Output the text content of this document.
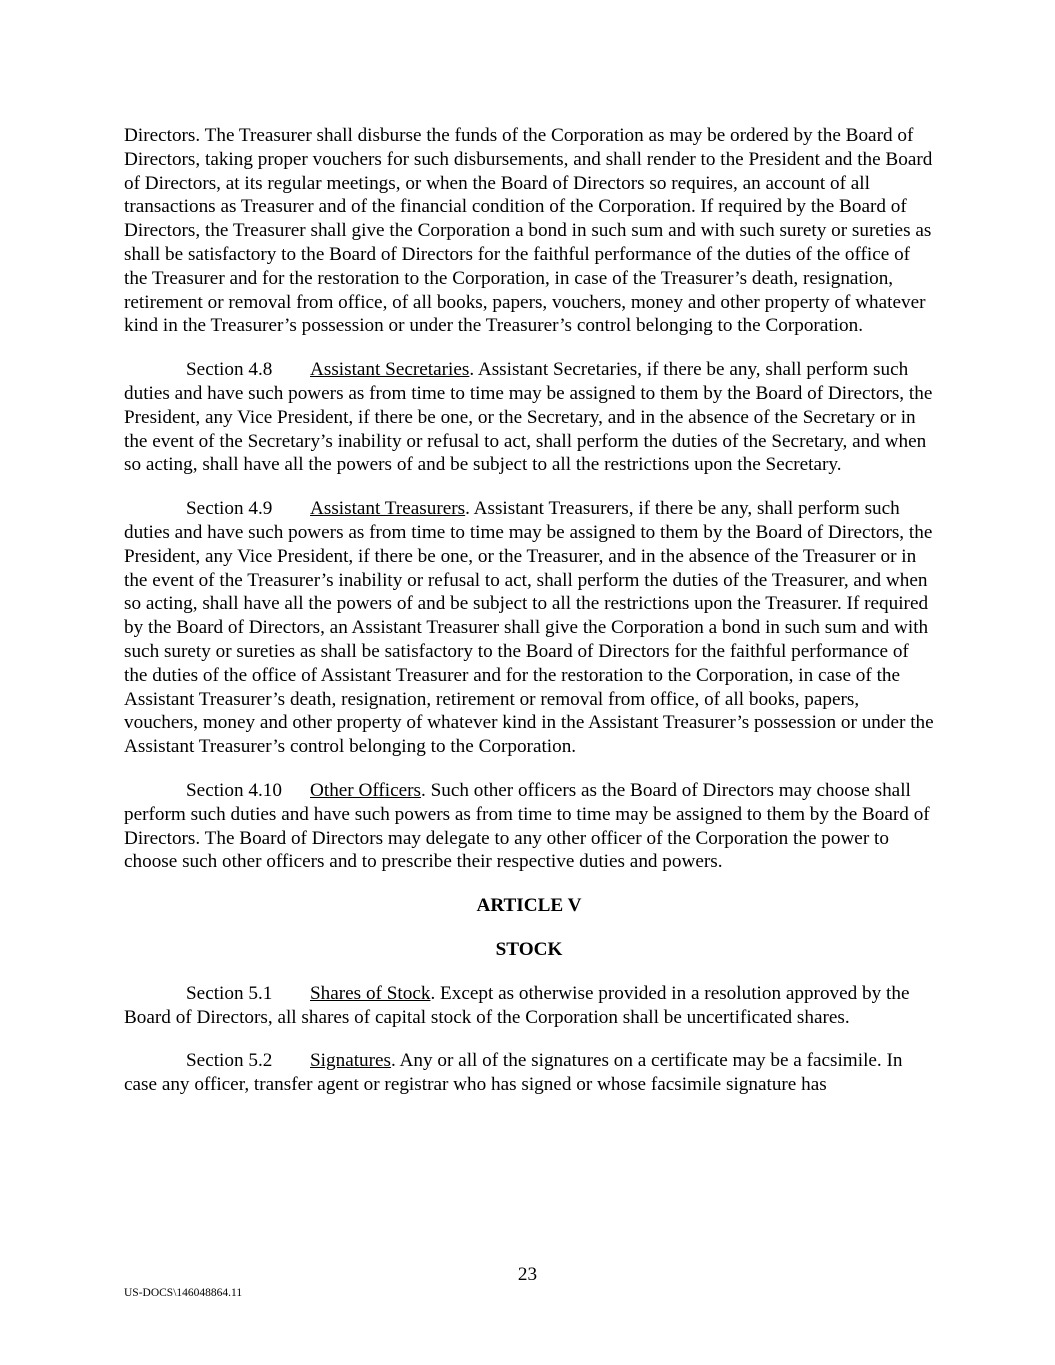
Directors. The Treasurer shall disburse the funds of the Corporation as may be ordered by the Board of Directors, taking proper vouchers for such disbursements, and shall render to the President and the Board of Directors, at its regular meetings, or when the Board of Directors so requires, an account of all transactions as Treasurer and of the financial condition of the Corporation. If required by the Board of Directors, the Treasurer shall give the Corporation a bond in such sum and with such surety or sureties as shall be satisfactory to the Board of Directors for the faithful performance of the duties of the office of the Treasurer and for the restoration to the Corporation, in case of the Treasurer’s death, resignation, retirement or removal from office, of all books, papers, vouchers, money and other property of whatever kind in the Treasurer’s possession or under the Treasurer’s control belonging to the Corporation.

Section 4.8 Assistant Secretaries. Assistant Secretaries, if there be any, shall perform such duties and have such powers as from time to time may be assigned to them by the Board of Directors, the President, any Vice President, if there be one, or the Secretary, and in the absence of the Secretary or in the event of the Secretary’s inability or refusal to act, shall perform the duties of the Secretary, and when so acting, shall have all the powers of and be subject to all the restrictions upon the Secretary.

Section 4.9 Assistant Treasurers. Assistant Treasurers, if there be any, shall perform such duties and have such powers as from time to time may be assigned to them by the Board of Directors, the President, any Vice President, if there be one, or the Treasurer, and in the absence of the Treasurer or in the event of the Treasurer’s inability or refusal to act, shall perform the duties of the Treasurer, and when so acting, shall have all the powers of and be subject to all the restrictions upon the Treasurer. If required by the Board of Directors, an Assistant Treasurer shall give the Corporation a bond in such sum and with such surety or sureties as shall be satisfactory to the Board of Directors for the faithful performance of the duties of the office of Assistant Treasurer and for the restoration to the Corporation, in case of the Assistant Treasurer’s death, resignation, retirement or removal from office, of all books, papers, vouchers, money and other property of whatever kind in the Assistant Treasurer’s possession or under the Assistant Treasurer’s control belonging to the Corporation.

Section 4.10 Other Officers. Such other officers as the Board of Directors may choose shall perform such duties and have such powers as from time to time may be assigned to them by the Board of Directors. The Board of Directors may delegate to any other officer of the Corporation the power to choose such other officers and to prescribe their respective duties and powers.

ARTICLE V

STOCK

Section 5.1 Shares of Stock. Except as otherwise provided in a resolution approved by the Board of Directors, all shares of capital stock of the Corporation shall be uncertificated shares.

Section 5.2 Signatures. Any or all of the signatures on a certificate may be a facsimile. In case any officer, transfer agent or registrar who has signed or whose facsimile signature has

23
US-DOCS\146048864.11
